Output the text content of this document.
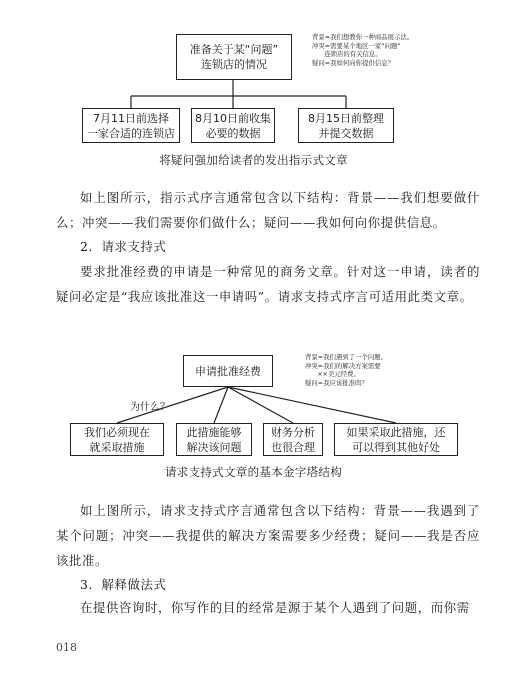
准备关于某“问题”
连锁店的情况
背景=我们想教你一种商品展示法。
冲突=需要某个地区一家“问题”
连锁店的有关信息。
疑问=我如何向你提供信息？
7月11日前选择
一家合适的连锁店
8月10日前收集
必要的数据
8月15日前整理
并提交数据
将疑问强加给读者的发出指示式文章
如上图所示，指示式序言通常包含以下结构：背景——我们想要做什么；冲突——我们需要你们做什么；疑问——我如何向你提供信息。
2．请求支持式
要求批准经费的申请是一种常见的商务文章。针对这一申请，读者的疑问必定是“我应该批准这一申请吗”。请求支持式序言可适用此类文章。
申请批准经费
背景=我们遇到了一个问题。
冲突=我们的解决方案需要
××美元经费。
疑问=我应该批准吗？
为什么？
我们必须现在
就采取措施
此措施能够
解决该问题
财务分析
也很合理
如果采取此措施，还
可以得到其他好处
请求支持式文章的基本金字塔结构
如上图所示，请求支持式序言通常包含以下结构：背景——我遇到了某个问题；冲突——我提供的解决方案需要多少经费；疑问——我是否应该批准。
3．解释做法式
在提供咨询时，你写作的目的经常是源于某个人遇到了问题，而你需
018
